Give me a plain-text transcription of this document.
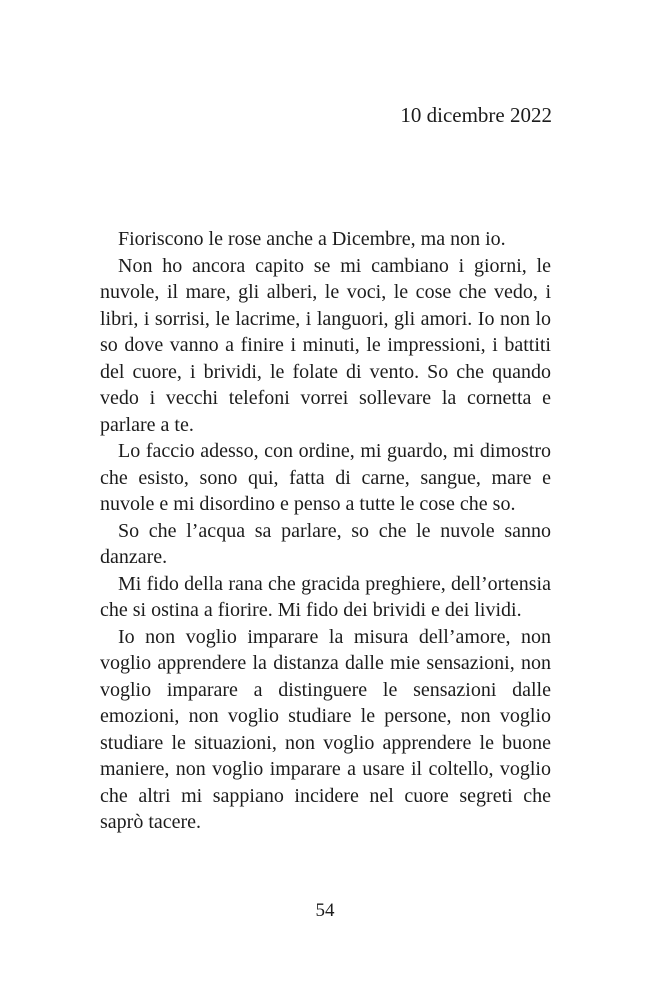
10 dicembre 2022

Fioriscono le rose anche a Dicembre, ma non io.

Non ho ancora capito se mi cambiano i giorni, le nuvole, il mare, gli alberi, le voci, le cose che vedo, i libri, i sorrisi, le lacrime, i languori, gli amori. Io non lo so dove vanno a finire i minuti, le impressioni, i battiti del cuore, i brividi, le folate di vento. So che quando vedo i vecchi telefoni vorrei sollevare la cornetta e parlare a te.

Lo faccio adesso, con ordine, mi guardo, mi dimostro che esisto, sono qui, fatta di carne, sangue, mare e nuvole e mi disordino e penso a tutte le cose che so.

So che l’acqua sa parlare, so che le nuvole sanno danzare.

Mi fido della rana che gracida preghiere, dell’ortensia che si ostina a fiorire. Mi fido dei brividi e dei lividi.

Io non voglio imparare la misura dell’amore, non voglio apprendere la distanza dalle mie sensazioni, non voglio imparare a distinguere le sensazioni dalle emozioni, non voglio studiare le persone, non voglio studiare le situazioni, non voglio apprendere le buone maniere, non voglio imparare a usare il coltello, voglio che altri mi sappiano incidere nel cuore segreti che saprò tacere.

54
